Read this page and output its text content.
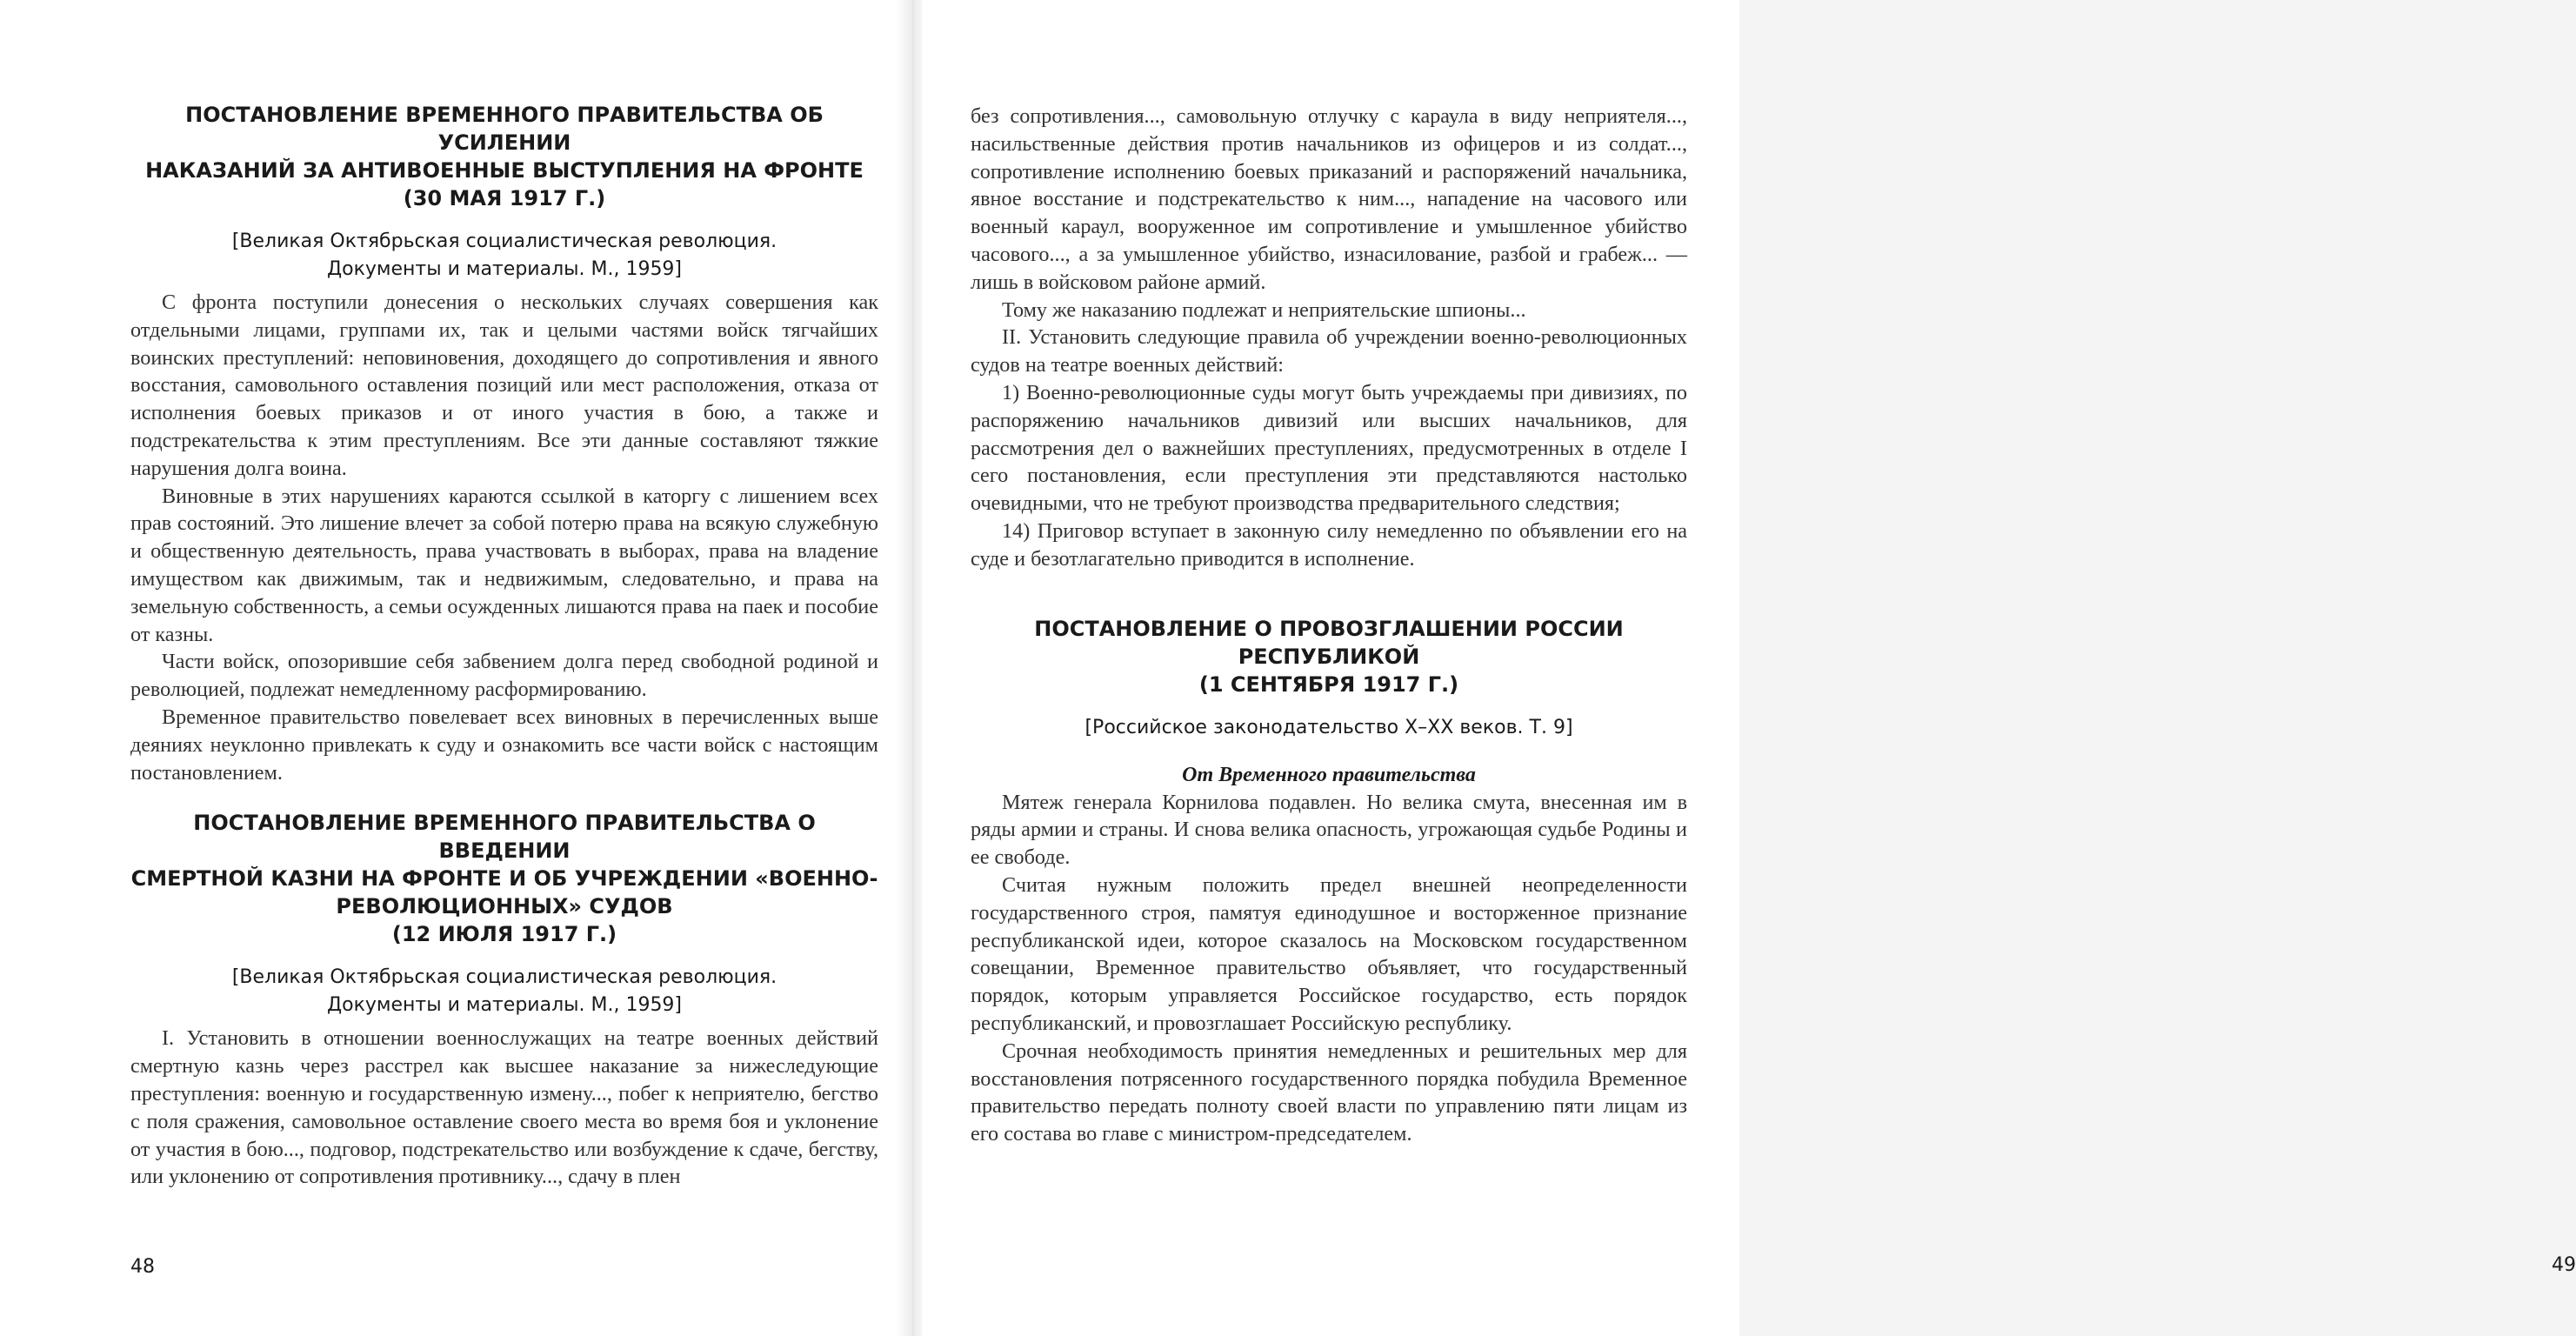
ПОСТАНОВЛЕНИЕ ВРЕМЕННОГО ПРАВИТЕЛЬСТВА ОБ УСИЛЕНИИ
НАКАЗАНИЙ ЗА АНТИВОЕННЫЕ ВЫСТУПЛЕНИЯ НА ФРОНТЕ
(30 МАЯ 1917 Г.)

[Великая Октябрьская социалистическая революция.
Документы и материалы. М., 1959]

С фронта поступили донесения о нескольких случаях совершения как отдельными лицами, группами их, так и целыми частями войск тягчайших воинских преступлений: неповиновения, доходящего до сопротивления и явного восстания, самовольного оставления позиций или мест расположения, отказа от исполнения боевых приказов и от иного участия в бою, а также и подстрекательства к этим преступлениям. Все эти данные составляют тяжкие нарушения долга воина.

Виновные в этих нарушениях караются ссылкой в каторгу с лишением всех прав состояний. Это лишение влечет за собой потерю права на всякую служебную и общественную деятельность, права участвовать в выборах, права на владение имуществом как движимым, так и недвижимым, следовательно, и права на земельную собственность, а семьи осужденных лишаются права на паек и пособие от казны.

Части войск, опозорившие себя забвением долга перед свободной родиной и революцией, подлежат немедленному расформированию.

Временное правительство повелевает всех виновных в перечисленных выше деяниях неуклонно привлекать к суду и ознакомить все части войск с настоящим постановлением.

ПОСТАНОВЛЕНИЕ ВРЕМЕННОГО ПРАВИТЕЛЬСТВА О ВВЕДЕНИИ
СМЕРТНОЙ КАЗНИ НА ФРОНТЕ И ОБ УЧРЕЖДЕНИИ «ВОЕННО-
РЕВОЛЮЦИОННЫХ» СУДОВ
(12 ИЮЛЯ 1917 Г.)

[Великая Октябрьская социалистическая революция.
Документы и материалы. М., 1959]

I. Установить в отношении военнослужащих на театре военных действий смертную казнь через расстрел как высшее наказание за нижеследующие преступления: военную и государственную измену..., побег к неприятелю, бегство с поля сражения, самовольное оставление своего места во время боя и уклонение от участия в бою..., подговор, подстрекательство или возбуждение к сдаче, бегству, или уклонению от сопротивления противнику..., сдачу в плен

48

без сопротивления..., самовольную отлучку с караула в виду неприятеля..., насильственные действия против начальников из офицеров и из солдат..., сопротивление исполнению боевых приказаний и распоряжений начальника, явное восстание и подстрекательство к ним..., нападение на часового или военный караул, вооруженное им сопротивление и умышленное убийство часового..., а за умышленное убийство, изнасилование, разбой и грабеж... — лишь в войсковом районе армий.

Тому же наказанию подлежат и неприятельские шпионы...

II. Установить следующие правила об учреждении военно-революционных судов на театре военных действий:

1) Военно-революционные суды могут быть учреждаемы при дивизиях, по распоряжению начальников дивизий или высших начальников, для рассмотрения дел о важнейших преступлениях, предусмотренных в отделе I сего постановления, если преступления эти представляются настолько очевидными, что не требуют производства предварительного следствия;

14) Приговор вступает в законную силу немедленно по объявлении его на суде и безотлагательно приводится в исполнение.

ПОСТАНОВЛЕНИЕ О ПРОВОЗГЛАШЕНИИ РОССИИ РЕСПУБЛИКОЙ
(1 СЕНТЯБРЯ 1917 Г.)

[Российское законодательство X–XX веков. Т. 9]

От Временного правительства

Мятеж генерала Корнилова подавлен. Но велика смута, внесенная им в ряды армии и страны. И снова велика опасность, угрожающая судьбе Родины и ее свободе.

Считая нужным положить предел внешней неопределенности государственного строя, памятуя единодушное и восторженное признание республиканской идеи, которое сказалось на Московском государственном совещании, Временное правительство объявляет, что государственный порядок, которым управляется Российское государство, есть порядок республиканский, и провозглашает Российскую республику.

Срочная необходимость принятия немедленных и решительных мер для восстановления потрясенного государственного порядка побудила Временное правительство передать полноту своей власти по управлению пяти лицам из его состава во главе с министром-председателем.

49
